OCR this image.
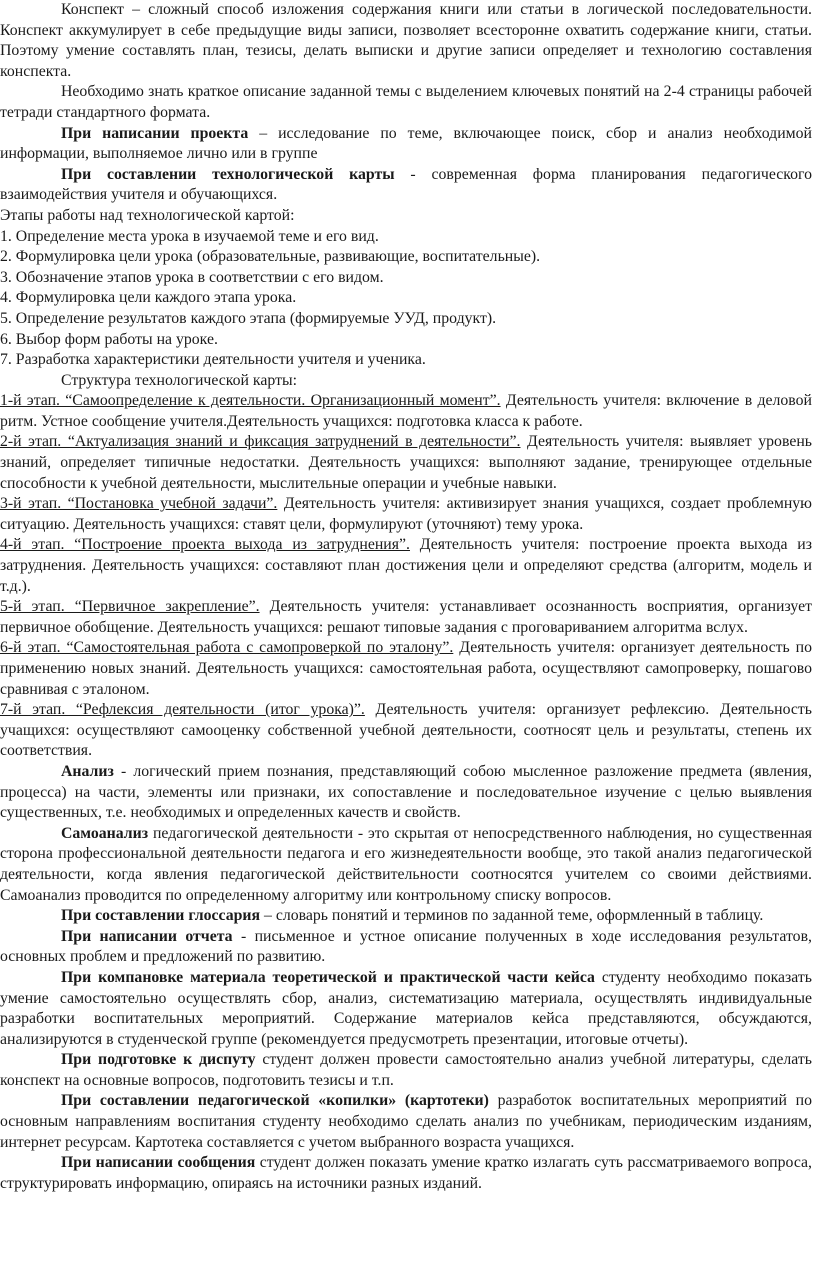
Конспект – сложный способ изложения содержания книги или статьи в логической последовательности. Конспект аккумулирует в себе предыдущие виды записи, позволяет всесторонне охватить содержание книги, статьи. Поэтому умение составлять план, тезисы, делать выписки и другие записи определяет и технологию составления конспекта.

Необходимо знать краткое описание заданной темы с выделением ключевых понятий на 2-4 страницы рабочей тетради стандартного формата.

При написании проекта – исследование по теме, включающее поиск, сбор и анализ необходимой информации, выполняемое лично или в группе

При составлении технологической карты - современная форма планирования педагогического взаимодействия учителя и обучающихся.

Этапы работы над технологической картой:

1. Определение места урока в изучаемой теме и его вид.

2. Формулировка цели урока (образовательные, развивающие, воспитательные).

3. Обозначение этапов урока в соответствии с его видом.

4. Формулировка цели каждого этапа урока.

5. Определение результатов каждого этапа (формируемые УУД, продукт).

6. Выбор форм работы на уроке.

7. Разработка характеристики деятельности учителя и ученика.

Структура технологической карты:

1-й этап. “Самоопределение к деятельности. Организационный момент”. Деятельность учителя: включение в деловой ритм. Устное сообщение учителя.Деятельность учащихся: подготовка класса к работе.

2-й этап. “Актуализация знаний и фиксация затруднений в деятельности”. Деятельность учителя: выявляет уровень знаний, определяет типичные недостатки. Деятельность учащихся: выполняют задание, тренирующее отдельные способности к учебной деятельности, мыслительные операции и учебные навыки.

3-й этап. “Постановка учебной задачи”. Деятельность учителя: активизирует знания учащихся, создает проблемную ситуацию. Деятельность учащихся: ставят цели, формулируют (уточняют) тему урока.

4-й этап. “Построение проекта выхода из затруднения”. Деятельность учителя: построение проекта выхода из затруднения. Деятельность учащихся: составляют план достижения цели и определяют средства (алгоритм, модель и т.д.).

5-й этап. “Первичное закрепление”. Деятельность учителя: устанавливает осознанность восприятия, организует первичное обобщение. Деятельность учащихся: решают типовые задания с проговариванием алгоритма вслух.

6-й этап. “Самостоятельная работа с самопроверкой по эталону”. Деятельность учителя: организует деятельность по применению новых знаний. Деятельность учащихся: самостоятельная работа, осуществляют самопроверку, пошагово сравнивая с эталоном.

7-й этап. “Рефлексия деятельности (итог урока)”. Деятельность учителя: организует рефлексию. Деятельность учащихся: осуществляют самооценку собственной учебной деятельности, соотносят цель и результаты, степень их соответствия.

Анализ - логический прием познания, представляющий собою мысленное разложение предмета (явления, процесса) на части, элементы или признаки, их сопоставление и последовательное изучение с целью выявления существенных, т.е. необходимых и определенных качеств и свойств.

Самоанализ педагогической деятельности - это скрытая от непосредственного наблюдения, но существенная сторона профессиональной деятельности педагога и его жизнедеятельности вообще, это такой анализ педагогической деятельности, когда явления педагогической действительности соотносятся учителем со своими действиями. Самоанализ проводится по определенному алгоритму или контрольному списку вопросов.

При составлении глоссария – словарь понятий и терминов по заданной теме, оформленный в таблицу.

При написании отчета - письменное и устное описание полученных в ходе исследования результатов, основных проблем и предложений по развитию.

При компановке материала теоретической и практической части кейса студенту необходимо показать умение самостоятельно осуществлять сбор, анализ, систематизацию материала, осуществлять индивидуальные разработки воспитательных мероприятий. Содержание материалов кейса представляются, обсуждаются, анализируются в студенческой группе (рекомендуется предусмотреть презентации, итоговые отчеты).

При подготовке к диспуту студент должен провести самостоятельно анализ учебной литературы, сделать конспект на основные вопросов, подготовить тезисы и т.п.

При составлении педагогической «копилки» (картотеки) разработок воспитательных мероприятий по основным направлениям воспитания студенту необходимо сделать анализ по учебникам, периодическим изданиям, интернет ресурсам. Картотека составляется с учетом выбранного возраста учащихся.

При написании сообщения студент должен показать умение кратко излагать суть рассматриваемого вопроса, структурировать информацию, опираясь на источники разных изданий.
